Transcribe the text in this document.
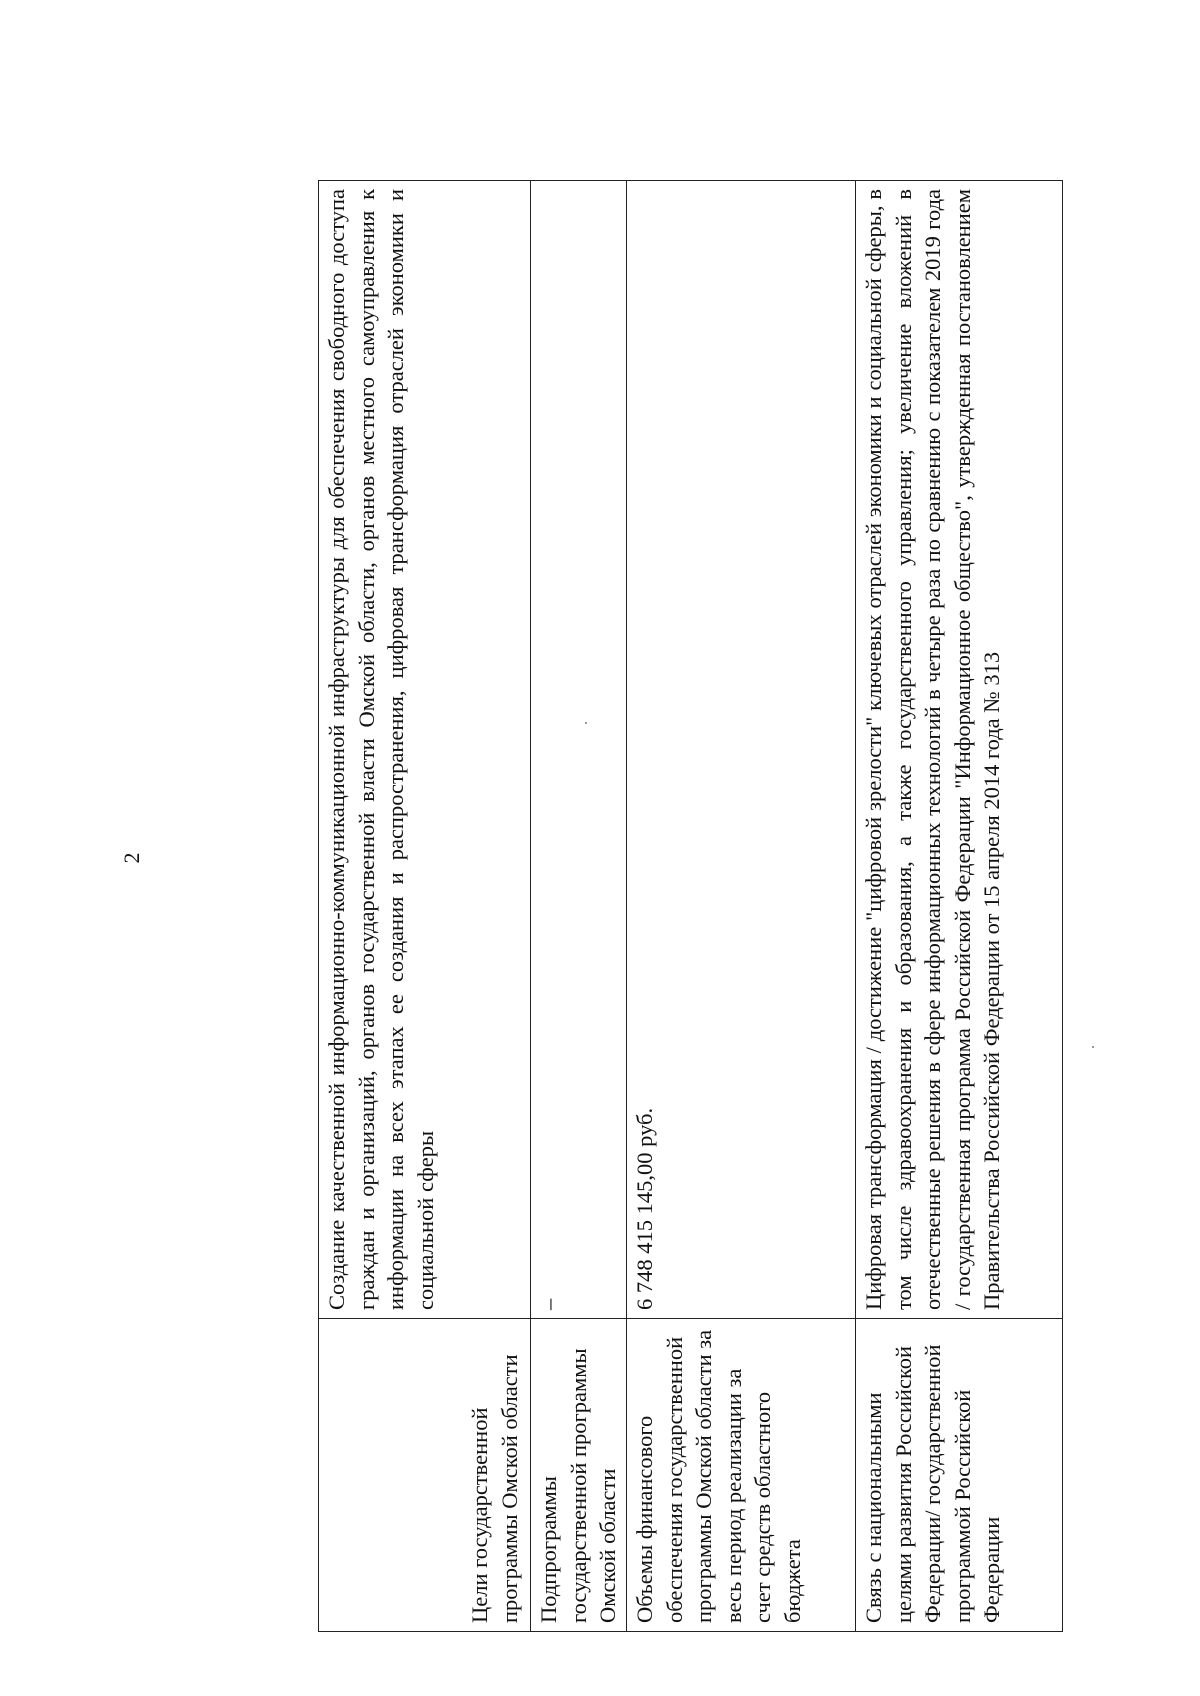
2
Цели государственной программы Омской области	Создание качественной информационно-коммуникационной инфраструктуры для обеспечения свободного доступа граждан и организаций, органов государственной власти Омской области, органов местного самоуправления к информации на всех этапах ее создания и распространения, цифровая трансформация отраслей экономики и социальной сферы
Подпрограммы государственной программы Омской области	–
Объемы финансового обеспечения государственной программы Омской области за весь период реализации за счет средств областного бюджета	6 748 415 145,00 руб.
Связь с национальными целями развития Российской Федерации/ государственной программой Российской Федерации	Цифровая трансформация / достижение "цифровой зрелости" ключевых отраслей экономики и социальной сферы, в том числе здравоохранения и образования, а также государственного управления; увеличение вложений в отечественные решения в сфере информационных технологий в четыре раза по сравнению с показателем 2019 года / государственная программа Российской Федерации "Информационное общество", утвержденная постановлением Правительства Российской Федерации от 15 апреля 2014 года № 313
